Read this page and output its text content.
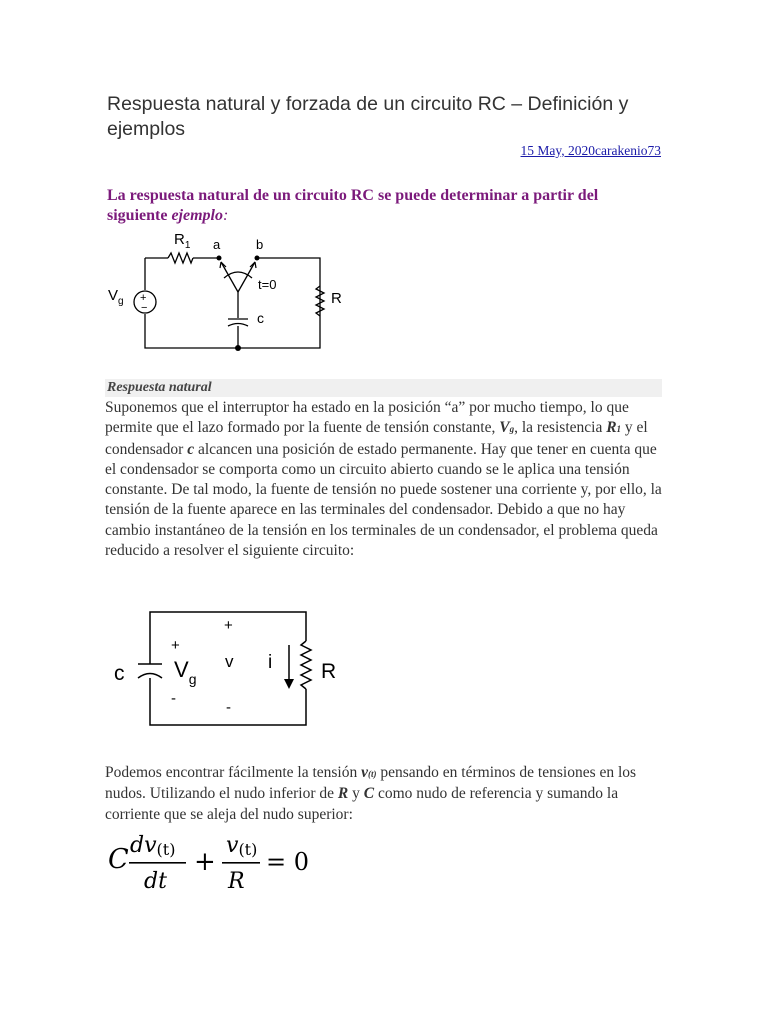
Respuesta natural y forzada de un circuito RC – Definición y ejemplos
15 May, 2020carakenio73
La respuesta natural de un circuito RC se puede determinar a partir del siguiente ejemplo:
$R_1$ a	b
t=0
$V_g$
c
R
+
−
Respuesta natural

Suponemos que el interruptor ha estado en la posición “a” por mucho tiempo, lo que permite que el lazo formado por la fuente de tensión constante, Vg, la resistencia R1 y el condensador c alcancen una posición de estado permanente. Hay que tener en cuenta que el condensador se comporta como un circuito abierto cuando se le aplica una tensión constante. De tal modo, la fuente de tensión no puede sostener una corriente y, por ello, la tensión de la fuente aparece en las terminales del condensador. Debido a que no hay cambio instantáneo de la tensión en los terminales de un condensador, el problema queda reducido a resolver el siguiente circuito:

c
+
$V_g$
-
+
v
-
i R

Podemos encontrar fácilmente la tensión v(t) pensando en términos de tensiones en los nudos. Utilizando el nudo inferior de R y C como nudo de referencia y sumando la corriente que se aleja del nudo superior:

C dv(t)
dt
+
v(t)
R
= 0
